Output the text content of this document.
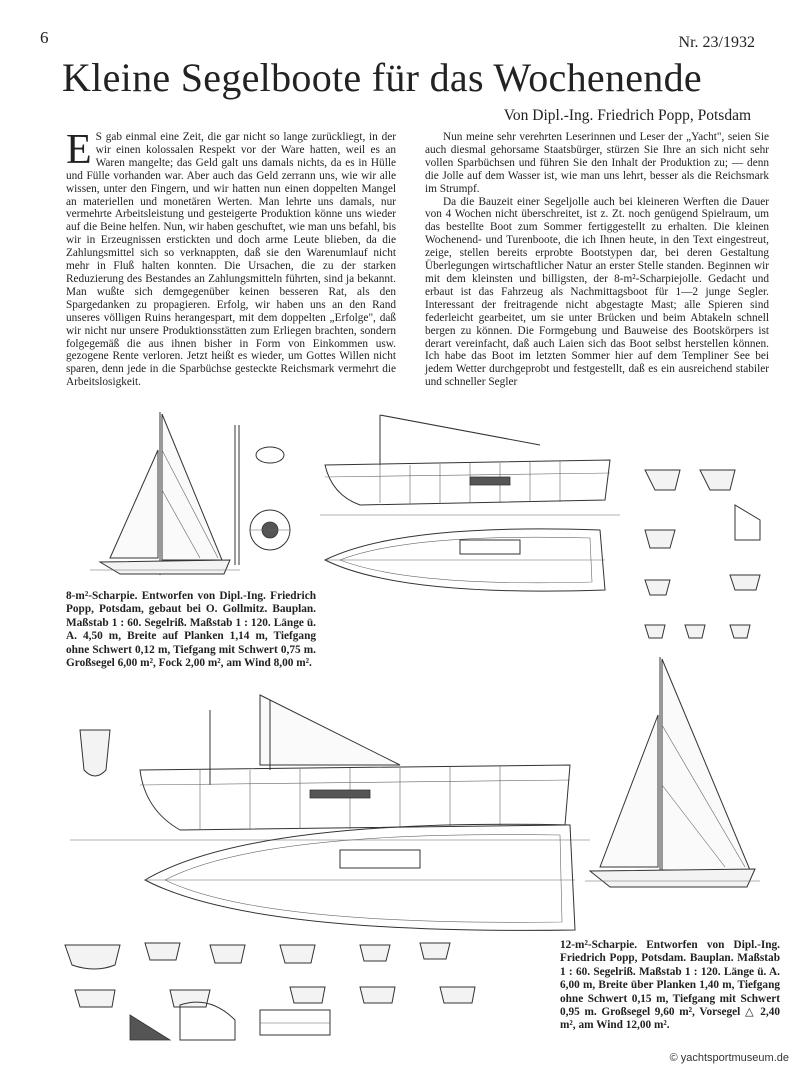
6	Nr. 23/1932
Kleine Segelboote für das Wochenende
Von Dipl.-Ing. Friedrich Popp, Potsdam
E S gab einmal eine Zeit, die gar nicht so lange zurückliegt, in der wir einen kolossalen Respekt vor der Ware hatten, weil es an Waren mangelte; das Geld galt uns damals nichts, da es in Hülle und Fülle vorhanden war. Aber auch das Geld zerrann uns, wie wir alle wissen, unter den Fingern, und wir hatten nun einen doppelten Mangel an materiellen und monetären Werten. Man lehrte uns damals, nur vermehrte Arbeitsleistung und gesteigerte Produktion könne uns wieder auf die Beine helfen. Nun, wir haben geschuftet, wie man uns befahl, bis wir in Erzeugnissen erstickten und doch arme Leute blieben, da die Zahlungsmittel sich so verknappten, daß sie den Warenumlauf nicht mehr in Fluß halten konnten. Die Ursachen, die zu der starken Reduzierung des Bestandes an Zahlungsmitteln führten, sind ja bekannt. Man wußte sich demgegenüber keinen besseren Rat, als den Spargedanken zu propagieren. Erfolg, wir haben uns an den Rand unseres völligen Ruins herangespart, mit dem doppelten „Erfolge", daß wir nicht nur unsere Produktionsstätten zum Erliegen brachten, sondern folgegemäß die aus ihnen bisher in Form von Einkommen usw. gezogene Rente verloren. Jetzt heißt es wieder, um Gottes Willen nicht sparen, denn jede in die Sparbüchse gesteckte Reichsmark vermehrt die Arbeitslosigkeit.

Nun meine sehr verehrten Leserinnen und Leser der „Yacht", seien Sie auch diesmal gehorsame Staatsbürger, stürzen Sie Ihre an sich nicht sehr vollen Sparbüchsen und führen Sie den Inhalt der Produktion zu; — denn die Jolle auf dem Wasser ist, wie man uns lehrt, besser als die Reichsmark im Strumpf.

Da die Bauzeit einer Segeljolle auch bei kleineren Werften die Dauer von 4 Wochen nicht überschreitet, ist z. Zt. noch genügend Spielraum, um das bestellte Boot zum Sommer fertiggestellt zu erhalten. Die kleinen Wochenend- und Turenboote, die ich Ihnen heute, in den Text eingestreut, zeige, stellen bereits erprobte Bootstypen dar, bei deren Gestaltung Überlegungen wirtschaftlicher Natur an erster Stelle standen. Beginnen wir mit dem kleinsten und billigsten, der 8-m²-Scharpiejolle. Gedacht und erbaut ist das Fahrzeug als Nachmittagsboot für 1—2 junge Segler. Interessant der freitragende nicht abgestagte Mast; alle Spieren sind federleicht gearbeitet, um sie unter Brücken und beim Abtakeln schnell bergen zu können. Die Formgebung und Bauweise des Bootskörpers ist derart vereinfacht, daß auch Laien sich das Boot selbst herstellen können. Ich habe das Boot im letzten Sommer hier auf dem Templiner See bei jedem Wetter durchgeprobt und festgestellt, daß es ein ausreichend stabiler und schneller Segler

8-m²-Scharpie. Entworfen von Dipl.-Ing. Friedrich Popp, Potsdam, gebaut bei O. Gollmitz. Bauplan. Maßstab 1 : 60. Segelriß. Maßstab 1 : 120. Länge ü. A. 4,50 m, Breite auf Planken 1,14 m, Tiefgang ohne Schwert 0,12 m, Tiefgang mit Schwert 0,75 m. Großsegel 6,00 m², Fock 2,00 m², am Wind 8,00 m².
12-m²-Scharpie. Entworfen von Dipl.-Ing. Friedrich Popp, Potsdam. Bauplan. Maßstab 1 : 60. Segelriß. Maßstab 1 : 120. Länge ü. A. 6,00 m, Breite über Planken 1,40 m, Tiefgang ohne Schwert 0,15 m, Tiefgang mit Schwert 0,95 m. Großsegel 9,60 m², Vorsegel △ 2,40 m², am Wind 12,00 m².
© yachtsportmuseum.de
